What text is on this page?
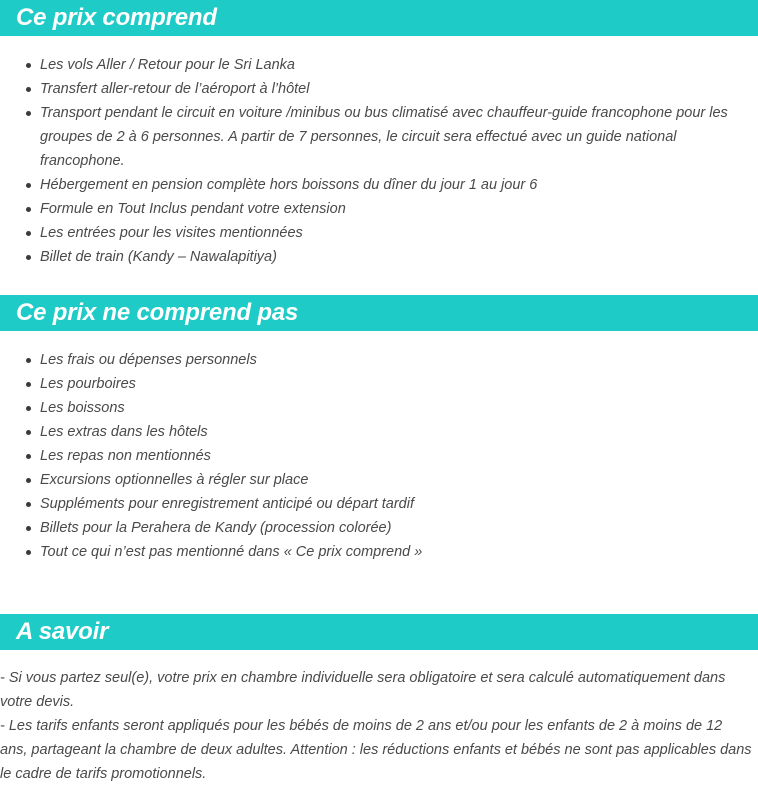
Ce prix comprend
Les vols Aller / Retour pour le Sri Lanka
Transfert aller-retour de l’aéroport à l’hôtel
Transport pendant le circuit en voiture /minibus ou bus climatisé avec chauffeur-guide francophone pour les groupes de 2 à 6 personnes. A partir de 7 personnes, le circuit sera effectué avec un guide national francophone.
Hébergement en pension complète hors boissons du dîner du jour 1 au jour 6
Formule en Tout Inclus pendant votre extension
Les entrées pour les visites mentionnées
Billet de train (Kandy – Nawalapitiya)
Ce prix ne comprend pas
Les frais ou dépenses personnels
Les pourboires
Les boissons
Les extras dans les hôtels
Les repas non mentionnés
Excursions optionnelles à régler sur place
Suppléments pour enregistrement anticipé ou départ tardif
Billets pour la Perahera de Kandy (procession colorée)
Tout ce qui n’est pas mentionné dans « Ce prix comprend »
A savoir

- Si vous partez seul(e), votre prix en chambre individuelle sera obligatoire et sera calculé automatiquement dans votre devis.

- Les tarifs enfants seront appliqués pour les bébés de moins de 2 ans et/ou pour les enfants de 2 à moins de 12 ans, partageant la chambre de deux adultes. Attention : les réductions enfants et bébés ne sont pas applicables dans le cadre de tarifs promotionnels.
